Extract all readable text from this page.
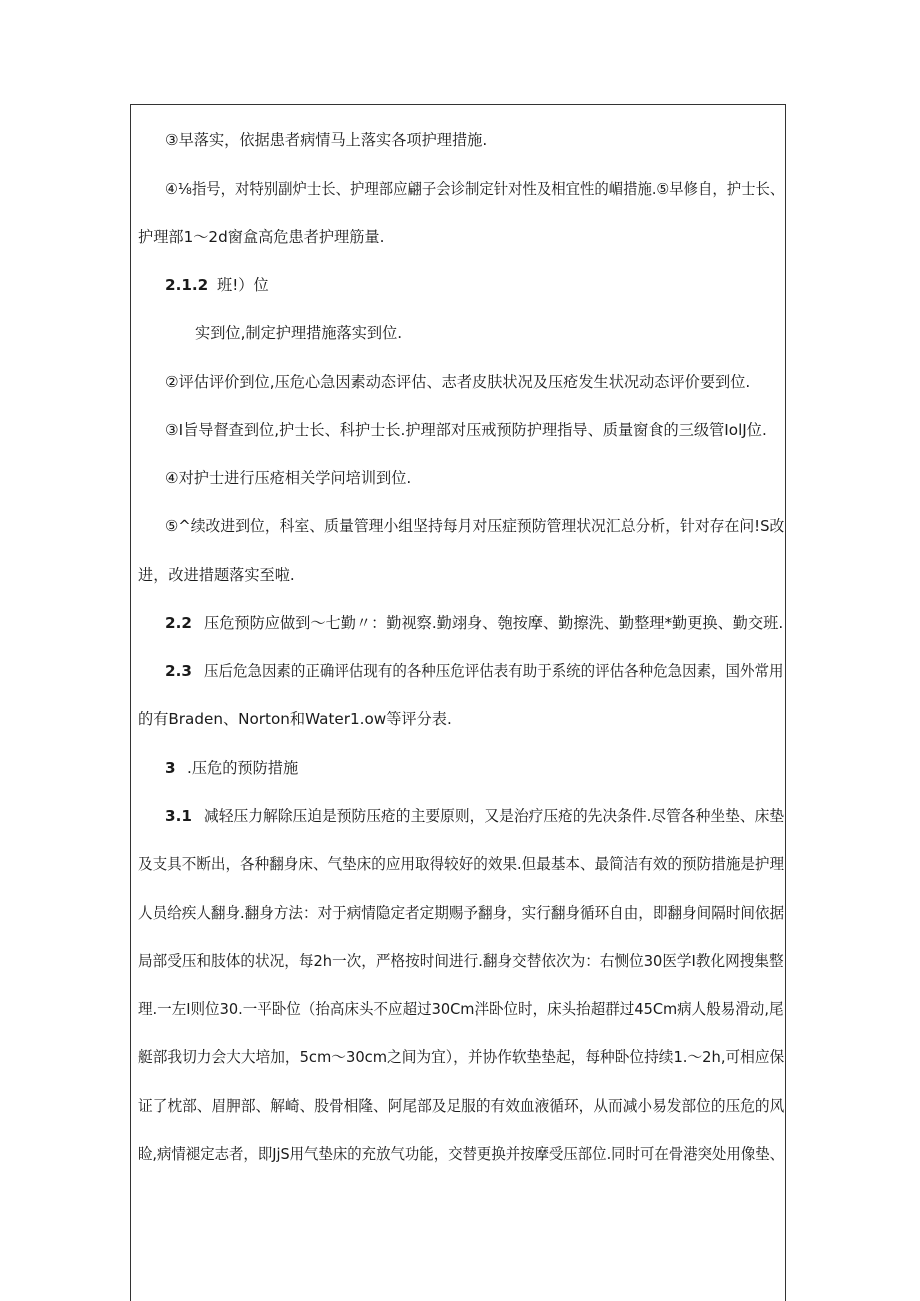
③早落实，依据患者病情马上落实各项护理措施.
④⅛指号，对特别副炉士长、护理部应翩子会诊制定针对性及相宜性的嵋措施.⑤早修自，护士长、
护理部1～2d窗盒高危患者护理筋量.
2.1.2 班!）位
实到位,制定护理措施落实到位.
②评估评价到位,压危心急因素动态评估、志者皮肤状况及压疮发生状况动态评价要到位.
③I旨导督查到位,护士长、科护士长.护理部对压戒预防护理指导、质量窗食的三级管IolJ位.
④对护士进行压疮相关学问培训到位.
⑤^续改进到位，科室、质量管理小组坚持每月对压症预防管理状况汇总分析，针对存在问!S改
进，改进措题落实至啦.
2.2 压危预防应做到～七勤〃：勤视察.勤翊身、匏按摩、勤擦洗、勤整理*勤更换、勤交班.
2.3 压后危急因素的正确评估现有的各种压危评估表有助于系统的评估各种危急因素，国外常用
的有Braden、Norton和Water1.ow等评分表.
3 .压危的预防措施
3.1 减轻压力解除压迫是预防压疮的主要原则，又是治疗压疮的先决条件.尽管各种坐垫、床垫
及支具不断出，各种翻身床、气垫床的应用取得较好的效果.但最基本、最简洁有效的预防措施是护理
人员给疾人翻身.翻身方法：对于病情隐定者定期赐予翻身，实行翻身循环自由，即翻身间隔时间依据
局部受压和肢体的状况，每2h一次，严格按时间进行.翻身交替依次为：右恻位30医学I教化网搜集整
理.一左I则位30.一平卧位（抬高床头不应超过30Cm泮卧位时，床头抬超群过45Cm病人般易滑动,尾
艇部我切力会大大培加，5cm～30cm之间为宜），并协作软垫垫起，每种卧位持续1.～2h,可相应保
证了枕部、眉胛部、解崎、股骨相隆、阿尾部及足服的有效血液循环，从而减小易发部位的压危的风
睑,病情褪定志者，即JjS用气垫床的充放气功能，交替更换并按摩受压部位.同时可在骨港突处用像垫、
